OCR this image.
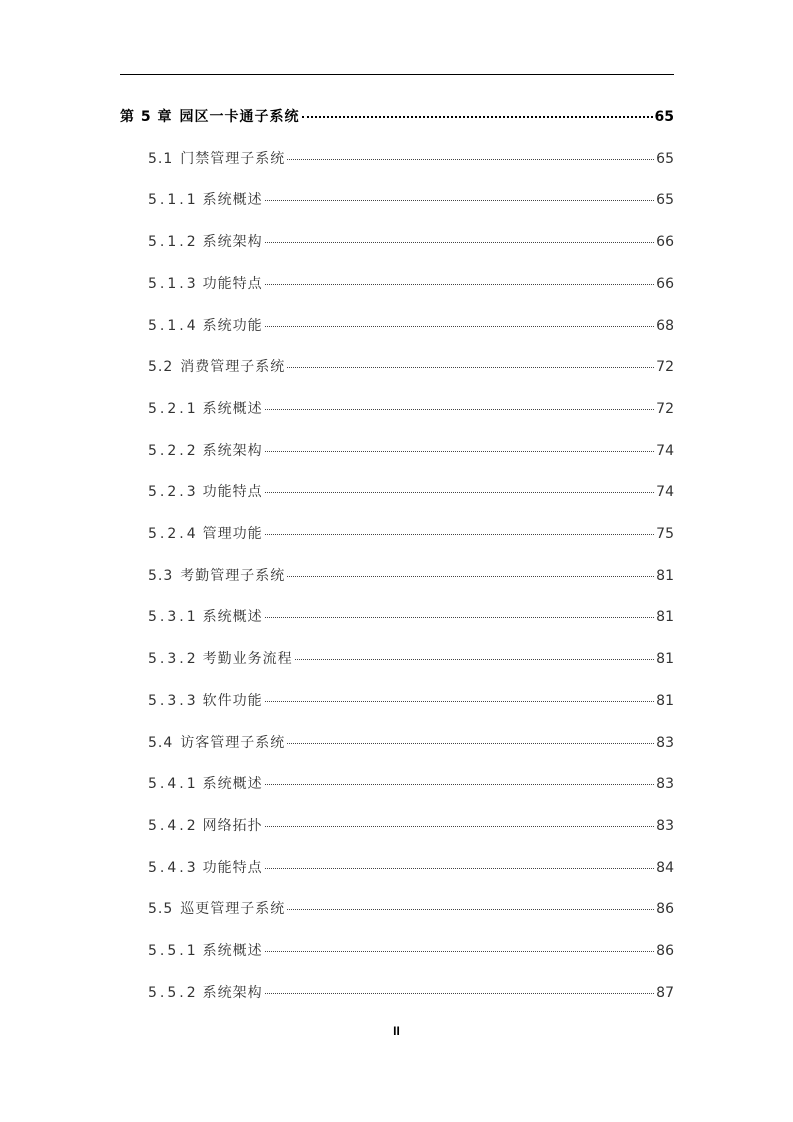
第 5 章 园区一卡通子系统	65
5.1 门禁管理子系统	65
5.1.1 系统概述	65
5.1.2 系统架构	66
5.1.3 功能特点	66
5.1.4 系统功能	68
5.2 消费管理子系统	72
5.2.1 系统概述	72
5.2.2 系统架构	74
5.2.3 功能特点	74
5.2.4 管理功能	75
5.3 考勤管理子系统	81
5.3.1 系统概述	81
5.3.2 考勤业务流程	81
5.3.3 软件功能	81
5.4 访客管理子系统	83
5.4.1 系统概述	83
5.4.2 网络拓扑	83
5.4.3 功能特点	84
5.5 巡更管理子系统	86
5.5.1 系统概述	86
5.5.2 系统架构	87
II
